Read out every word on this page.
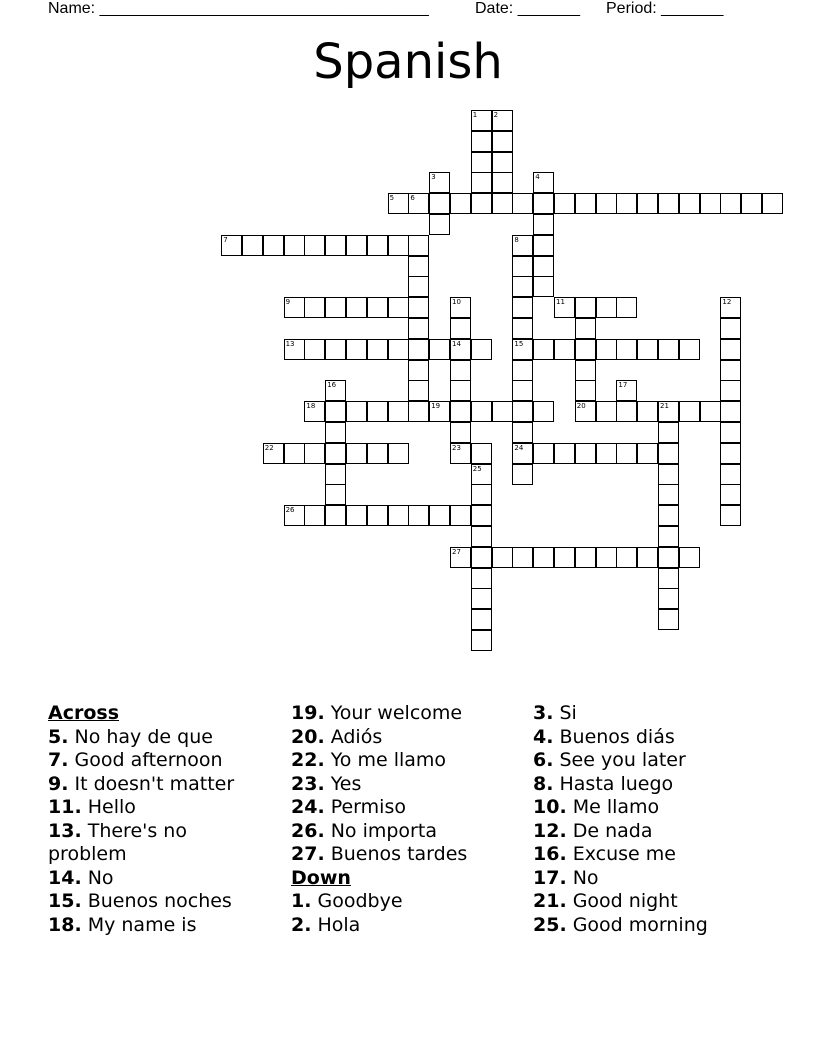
Name: _____________________________________	Date: _______ Period: _______
Spanish
1 2
3	4
5 6
7	8
9	10	11	12
13	14	15
16	17
18	19	20	21
22	23	24
25
26
27
Across
5. No hay de que
7. Good afternoon
9. It doesn't matter
11. Hello
13. There's no
problem
14. No
15. Buenos noches
18. My name is
19. Your welcome
20. Adiós
22. Yo me llamo
23. Yes
24. Permiso
26. No importa
27. Buenos tardes
Down
1. Goodbye
2. Hola
3. Si
4. Buenos diás
6. See you later
8. Hasta luego
10. Me llamo
12. De nada
16. Excuse me
17. No
21. Good night
25. Good morning
